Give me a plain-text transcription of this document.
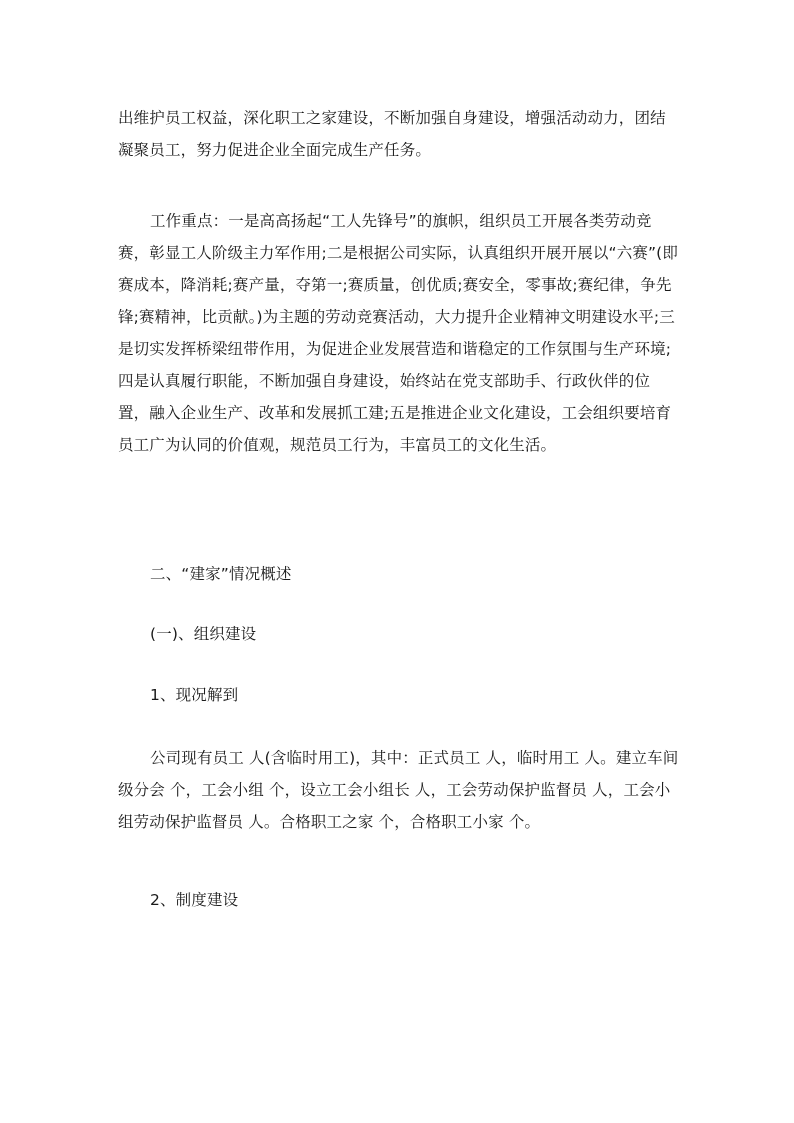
出维护员工权益，深化职工之家建设，不断加强自身建设，增强活动动力，团结凝聚员工，努力促进企业全面完成生产任务。

工作重点：一是高高扬起“工人先锋号”的旗帜，组织员工开展各类劳动竞赛，彰显工人阶级主力军作用;二是根据公司实际，认真组织开展开展以“六赛”(即赛成本，降消耗;赛产量，夺第一;赛质量，创优质;赛安全，零事故;赛纪律，争先锋;赛精神，比贡献。)为主题的劳动竞赛活动，大力提升企业精神文明建设水平;三是切实发挥桥梁纽带作用，为促进企业发展营造和谐稳定的工作氛围与生产环境;四是认真履行职能，不断加强自身建设，始终站在党支部助手、行政伙伴的位置，融入企业生产、改革和发展抓工建;五是推进企业文化建设，工会组织要培育员工广为认同的价值观，规范员工行为，丰富员工的文化生活。

二、“建家”情况概述

(一)、组织建设

1、现况解到

公司现有员工 人(含临时用工)，其中：正式员工 人，临时用工 人。建立车间级分会 个，工会小组 个，设立工会小组长 人，工会劳动保护监督员 人，工会小组劳动保护监督员 人。合格职工之家 个，合格职工小家 个。

2、制度建设
